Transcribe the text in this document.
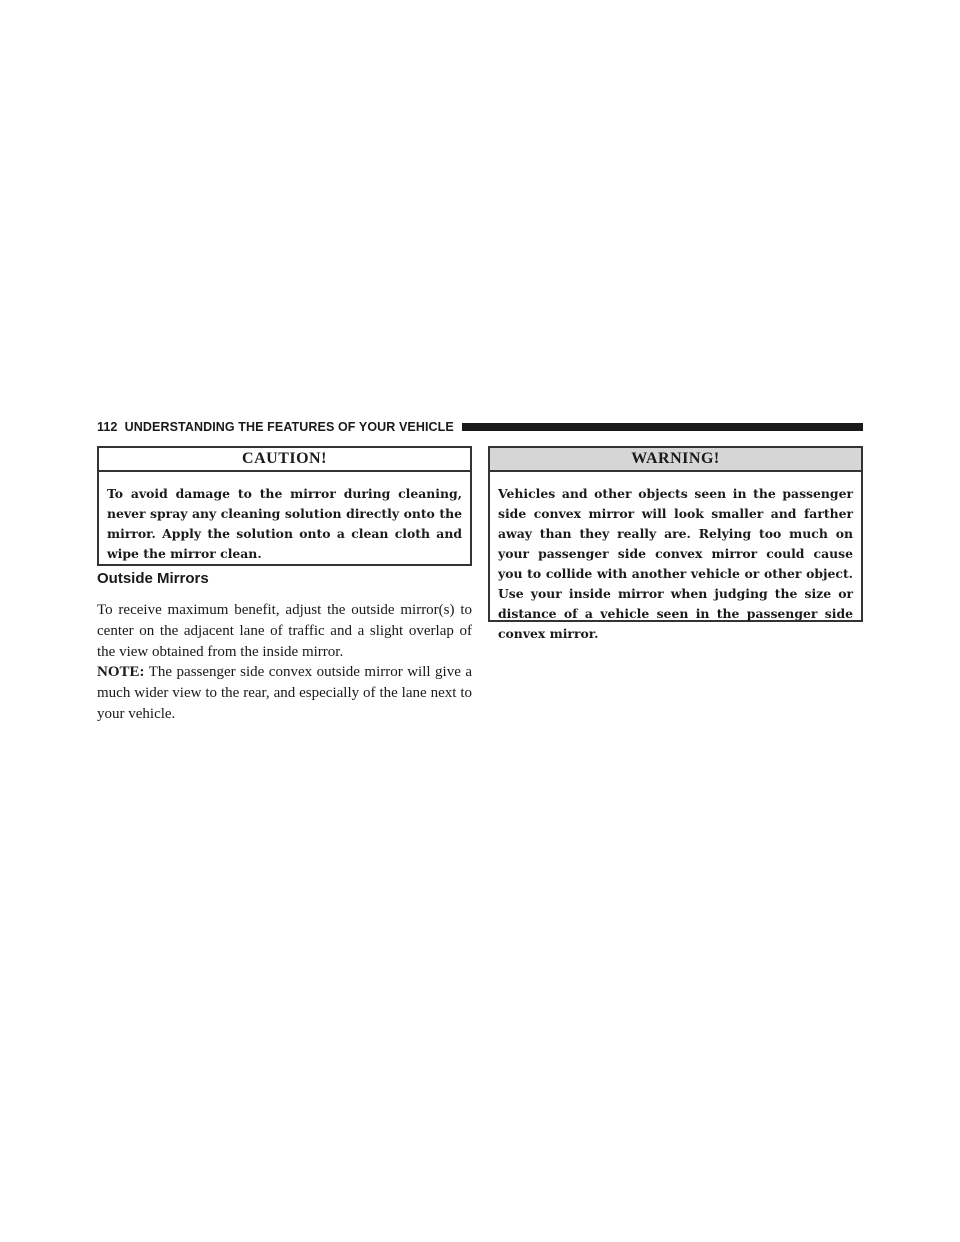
112 UNDERSTANDING THE FEATURES OF YOUR VEHICLE
CAUTION!
To avoid damage to the mirror during cleaning, never spray any cleaning solution directly onto the mirror. Apply the solution onto a clean cloth and wipe the mirror clean.
Outside Mirrors

To receive maximum benefit, adjust the outside mirror(s) to center on the adjacent lane of traffic and a slight overlap of the view obtained from the inside mirror.

NOTE: The passenger side convex outside mirror will give a much wider view to the rear, and especially of the lane next to your vehicle.

WARNING!
Vehicles and other objects seen in the passenger side convex mirror will look smaller and farther away than they really are. Relying too much on your passenger side convex mirror could cause you to collide with another vehicle or other object. Use your inside mirror when judging the size or distance of a vehicle seen in the passenger side convex mirror.
